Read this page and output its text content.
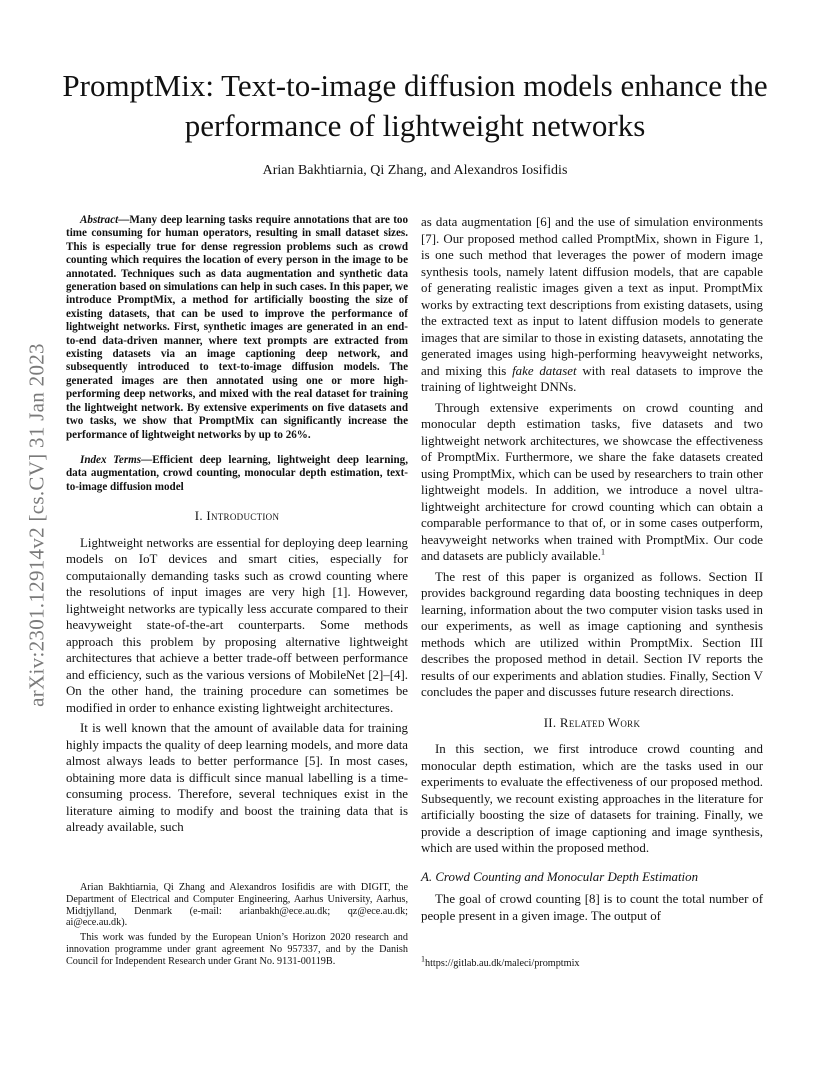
arXiv:2301.12914v2 [cs.CV] 31 Jan 2023
PromptMix: Text-to-image diffusion models enhance the performance of lightweight networks

Arian Bakhtiarnia, Qi Zhang, and Alexandros Iosifidis

Abstract—Many deep learning tasks require annotations that are too time consuming for human operators, resulting in small dataset sizes. This is especially true for dense regression problems such as crowd counting which requires the location of every person in the image to be annotated. Techniques such as data augmentation and synthetic data generation based on simulations can help in such cases. In this paper, we introduce PromptMix, a method for artificially boosting the size of existing datasets, that can be used to improve the performance of lightweight networks. First, synthetic images are generated in an end-to-end data-driven manner, where text prompts are extracted from existing datasets via an image captioning deep network, and subsequently introduced to text-to-image diffusion models. The generated images are then annotated using one or more high-performing deep networks, and mixed with the real dataset for training the lightweight network. By extensive experiments on five datasets and two tasks, we show that PromptMix can significantly increase the performance of lightweight networks by up to 26%.

Index Terms—Efficient deep learning, lightweight deep learning, data augmentation, crowd counting, monocular depth estimation, text-to-image diffusion model

I. Introduction

Lightweight networks are essential for deploying deep learning models on IoT devices and smart cities, especially for computaionally demanding tasks such as crowd counting where the resolutions of input images are very high [1]. However, lightweight networks are typically less accurate compared to their heavyweight state-of-the-art counterparts. Some methods approach this problem by proposing alternative lightweight architectures that achieve a better trade-off between performance and efficiency, such as the various versions of MobileNet [2]–[4]. On the other hand, the training procedure can sometimes be modified in order to enhance existing lightweight architectures.

It is well known that the amount of available data for training highly impacts the quality of deep learning models, and more data almost always leads to better performance [5]. In most cases, obtaining more data is difficult since manual labelling is a time-consuming process. Therefore, several techniques exist in the literature aiming to modify and boost the training data that is already available, such

Arian Bakhtiarnia, Qi Zhang and Alexandros Iosifidis are with DIGIT, the Department of Electrical and Computer Engineering, Aarhus University, Aarhus, Midtjylland, Denmark (e-mail: arianbakh@ece.au.dk; qz@ece.au.dk; ai@ece.au.dk).

This work was funded by the European Union’s Horizon 2020 research and innovation programme under grant agreement No 957337, and by the Danish Council for Independent Research under Grant No. 9131-00119B.

as data augmentation [6] and the use of simulation environments [7]. Our proposed method called PromptMix, shown in Figure 1, is one such method that leverages the power of modern image synthesis tools, namely latent diffusion models, that are capable of generating realistic images given a text as input. PromptMix works by extracting text descriptions from existing datasets, using the extracted text as input to latent diffusion models to generate images that are similar to those in existing datasets, annotating the generated images using high-performing heavyweight networks, and mixing this fake dataset with real datasets to improve the training of lightweight DNNs.

Through extensive experiments on crowd counting and monocular depth estimation tasks, five datasets and two lightweight network architectures, we showcase the effectiveness of PromptMix. Furthermore, we share the fake datasets created using PromptMix, which can be used by researchers to train other lightweight models. In addition, we introduce a novel ultra-lightweight architecture for crowd counting which can obtain a comparable performance to that of, or in some cases outperform, heavyweight networks when trained with PromptMix. Our code and datasets are publicly available.$^1$

The rest of this paper is organized as follows. Section II provides background regarding data boosting techniques in deep learning, information about the two computer vision tasks used in our experiments, as well as image captioning and synthesis methods which are utilized within PromptMix. Section III describes the proposed method in detail. Section IV reports the results of our experiments and ablation studies. Finally, Section V concludes the paper and discusses future research directions.

II. Related Work

In this section, we first introduce crowd counting and monocular depth estimation, which are the tasks used in our experiments to evaluate the effectiveness of our proposed method. Subsequently, we recount existing approaches in the literature for artificially boosting the size of datasets for training. Finally, we provide a description of image captioning and image synthesis, which are used within the proposed method.

A. Crowd Counting and Monocular Depth Estimation

The goal of crowd counting [8] is to count the total number of people present in a given image. The output of

$^1$https://gitlab.au.dk/maleci/promptmix
